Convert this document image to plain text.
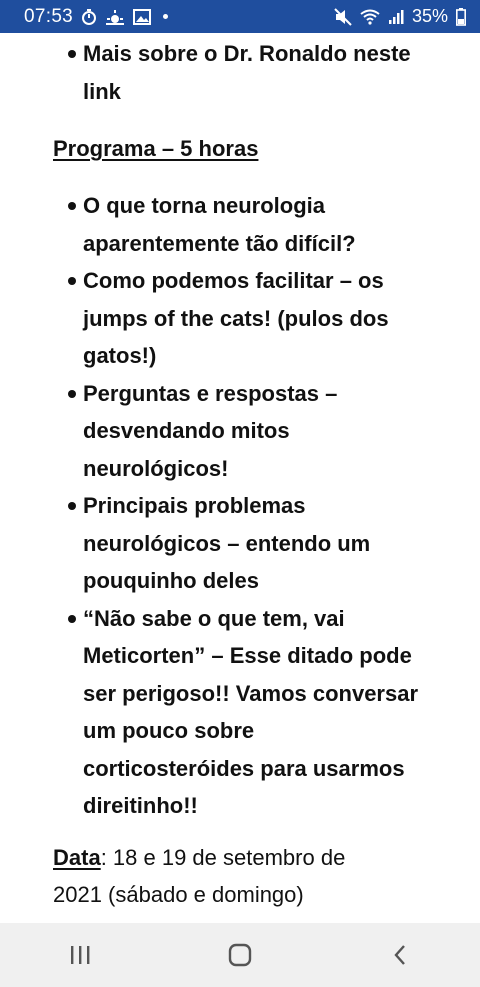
07:53	35%
Mais sobre o Dr. Ronaldo neste
link
Programa – 5 horas
O que torna neurologia
aparentemente tão difícil?
Como podemos facilitar – os
jumps of the cats! (pulos dos
gatos!)
Perguntas e respostas –
desvendando mitos
neurológicos!
Principais problemas
neurológicos – entendo um
pouquinho deles
“Não sabe o que tem, vai
Meticorten” – Esse ditado pode
ser perigoso!! Vamos conversar
um pouco sobre
corticosteróides para usarmos
direitinho!!
Data: 18 e 19 de setembro de
2021 (sábado e domingo)
